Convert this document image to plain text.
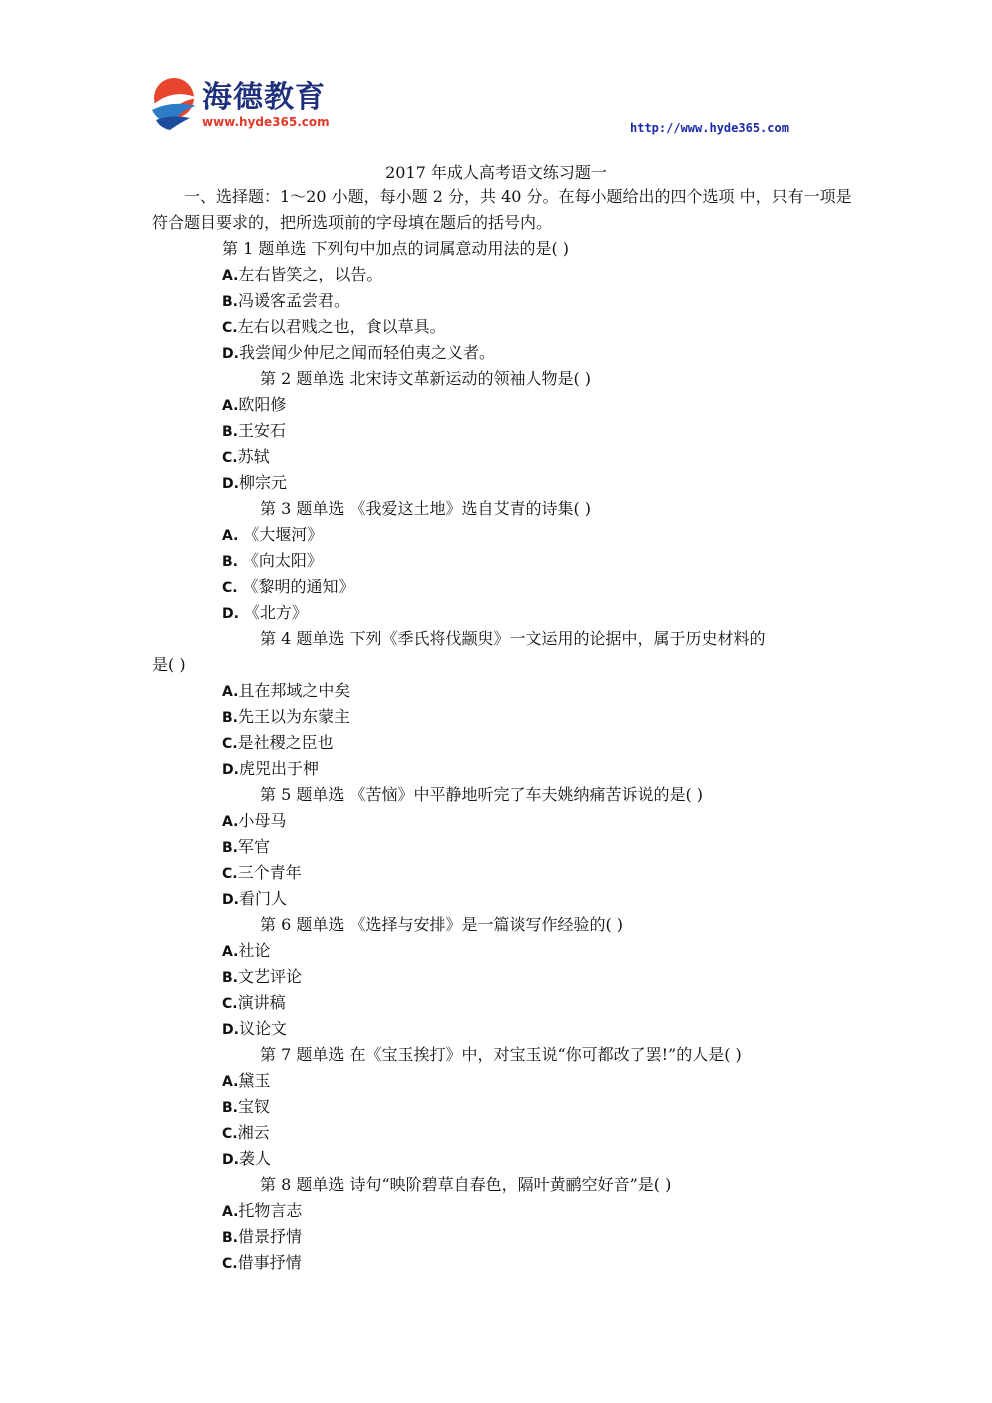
海德教育
www.hyde365.com	http://www.hyde365.com
2017 年成人高考语文练习题一
一、选择题：1～20 小题，每小题 2 分，共 40 分。在每小题给出的四个选项 中，只有一项是符合题目要求的，把所选项前的字母填在题后的括号内。
第 1 题单选 下列句中加点的词属意动用法的是( )
A.左右皆笑之，以告。
B.冯谖客孟尝君。
C.左右以君贱之也，食以草具。
D.我尝闻少仲尼之闻而轻伯夷之义者。
第 2 题单选 北宋诗文革新运动的领袖人物是( )
A.欧阳修
B.王安石
C.苏轼
D.柳宗元
第 3 题单选 《我爱这土地》选自艾青的诗集( )
A. 《大堰河》
B. 《向太阳》
C. 《黎明的通知》
D. 《北方》
第 4 题单选 下列《季氏将伐颛臾》一文运用的论据中，属于历史材料的
是( )
A.且在邦域之中矣
B.先王以为东蒙主
C.是社稷之臣也
D.虎兕出于柙
第 5 题单选 《苦恼》中平静地听完了车夫姚纳痛苦诉说的是( )
A.小母马
B.军官
C.三个青年
D.看门人
第 6 题单选 《选择与安排》是一篇谈写作经验的( )
A.社论
B.文艺评论
C.演讲稿
D.议论文
第 7 题单选 在《宝玉挨打》中，对宝玉说“你可都改了罢!”的人是( )
A.黛玉
B.宝钗
C.湘云
D.袭人
第 8 题单选 诗句“映阶碧草自春色，隔叶黄鹂空好音”是( )
A.托物言志
B.借景抒情
C.借事抒情
